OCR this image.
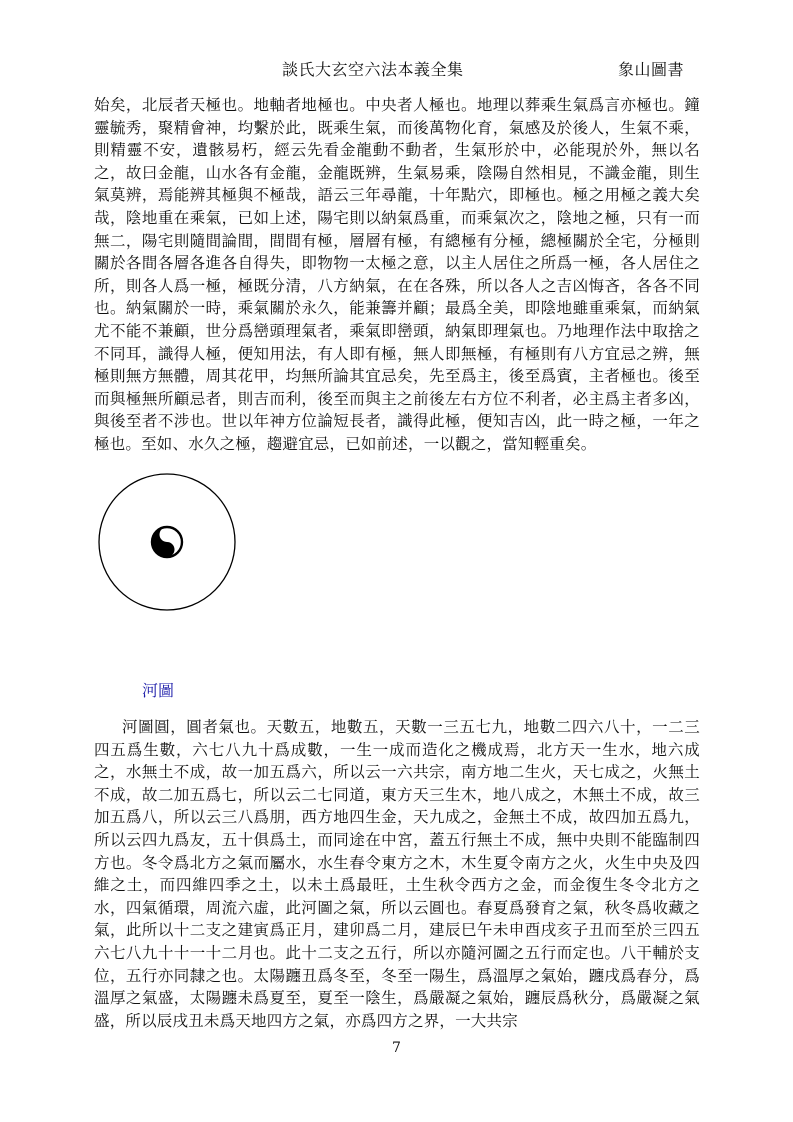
談氏大玄空六法本義全集	象山圖書

始矣，北辰者天極也。地軸者地極也。中央者人極也。地理以葬乘生氣爲言亦極也。鐘靈毓秀，聚精會神，均繫於此，既乘生氣，而後萬物化育，氣感及於後人，生氣不乘，則精靈不安，遺骸易朽，經云先看金龍動不動者，生氣形於中，必能現於外，無以名之，故曰金龍，山水各有金龍，金龍既辨，生氣易乘，陰陽自然相見，不識金龍，則生氣莫辨，焉能辨其極與不極哉，語云三年尋龍，十年點穴，即極也。極之用極之義大矣哉，陰地重在乘氣，已如上述，陽宅則以納氣爲重，而乘氣次之，陰地之極，只有一而無二，陽宅則隨間論間，間間有極，層層有極，有總極有分極，總極關於全宅，分極則關於各間各層各進各自得失，即物物一太極之意，以主人居住之所爲一極，各人居住之所，則各人爲一極，極既分清，八方納氣，在在各殊，所以各人之吉凶悔吝，各各不同也。納氣關於一時，乘氣關於永久，能兼籌并顧；最爲全美，即陰地雖重乘氣，而納氣尤不能不兼顧，世分爲巒頭理氣者，乘氣即巒頭，納氣即理氣也。乃地理作法中取捨之不同耳，識得人極，便知用法，有人即有極，無人即無極，有極則有八方宜忌之辨，無極則無方無體，周其花甲，均無所論其宜忌矣，先至爲主，後至爲賓，主者極也。後至而與極無所顧忌者，則吉而利，後至而與主之前後左右方位不利者，必主爲主者多凶，與後至者不涉也。世以年神方位論短長者，識得此極，便知吉凶，此一時之極，一年之極也。至如、水久之極，趨避宜忌，已如前述，一以觀之，當知輕重矣。

河圖

河圖圓，圓者氣也。天數五，地數五，天數一三五七九，地數二四六八十，一二三四五爲生數，六七八九十爲成數，一生一成而造化之機成焉，北方天一生水，地六成之，水無土不成，故一加五爲六，所以云一六共宗，南方地二生火，天七成之，火無土不成，故二加五爲七，所以云二七同道，東方天三生木，地八成之，木無土不成，故三加五爲八，所以云三八爲朋，西方地四生金，天九成之，金無土不成，故四加五爲九，所以云四九爲友，五十俱爲土，而同途在中宮，蓋五行無土不成，無中央則不能臨制四方也。冬令爲北方之氣而屬水，水生春令東方之木，木生夏令南方之火，火生中央及四維之土，而四維四季之土，以未土爲最旺，土生秋令西方之金，而金復生冬令北方之水，四氣循環，周流六虛，此河圖之氣，所以云圓也。春夏爲發育之氣，秋冬爲收藏之氣，此所以十二支之建寅爲正月，建卯爲二月，建辰巳午未申酉戌亥子丑而至於三四五六七八九十十一十二月也。此十二支之五行，所以亦隨河圖之五行而定也。八干輔於支位，五行亦同隸之也。太陽躔丑爲冬至，冬至一陽生，爲溫厚之氣始，躔戌爲春分，爲溫厚之氣盛，太陽躔未爲夏至，夏至一陰生，爲嚴凝之氣始，躔辰爲秋分，爲嚴凝之氣盛，所以辰戌丑未爲天地四方之氣，亦爲四方之界，一大共宗

7
